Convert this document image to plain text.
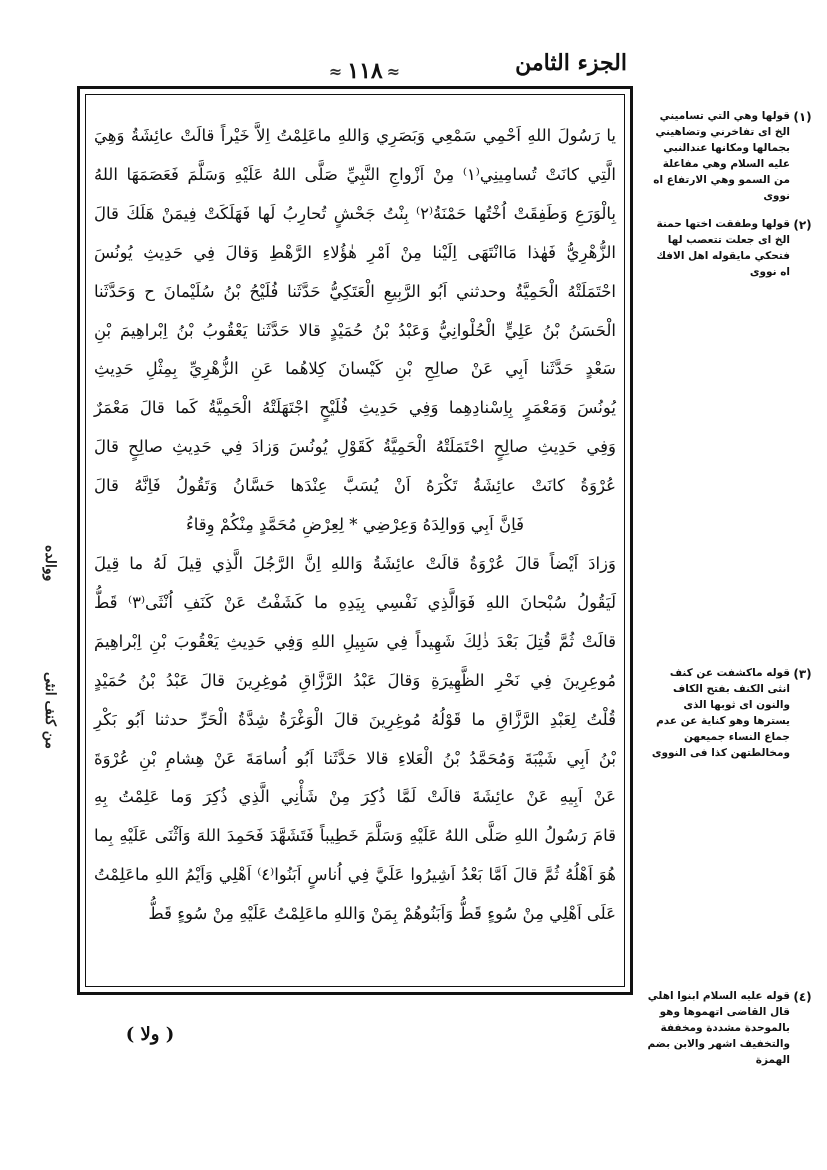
الجزء الثامن
≈ ١١٨ ≈

يا رَسُولَ اللهِ اَحْمِي سَمْعِي وَبَصَرِي وَاللهِ ماعَلِمْتُ اِلاَّ خَيْراً قالَتْ عائِشَةُ وَهِيَ

الَّتِي كانَتْ تُسامِينِي⁽١⁾ مِنْ اَزْواجِ النَّبِيِّ صَلَّى اللهُ عَلَيْهِ وَسَلَّمَ فَعَصَمَهَا اللهُ

بِالْوَرَعِ وَطَفِقَتْ اُخْتُها حَمْنَةُ⁽٢⁾ بِنْتُ جَحْشٍ تُحارِبُ لَها فَهَلَكَتْ فِيمَنْ هَلَكَ قالَ

الزُّهْرِيُّ فَهٰذا مَاانْتَهَى اِلَيْنا مِنْ اَمْرِ هٰؤُلاءِ الرَّهْطِ وَقالَ فِي حَدِيثِ يُونُسَ

احْتَمَلَتْهُ الْحَمِيَّةُ وحدثني اَبُو الرَّبِيعِ الْعَتَكِيُّ حَدَّثَنا فُلَيْحُ بْنُ سُلَيْمانَ ح وَحَدَّثَنا

الْحَسَنُ بْنُ عَلِيٍّ الْحُلْوانِيُّ وَعَبْدُ بْنُ حُمَيْدٍ قالا حَدَّثَنا يَعْقُوبُ بْنُ اِبْراهِيمَ بْنِ

سَعْدٍ حَدَّثَنا اَبِي عَنْ صالِحِ بْنِ كَيْسانَ كِلاهُما عَنِ الزُّهْرِيِّ بِمِثْلِ حَدِيثِ

يُونُسَ وَمَعْمَرٍ بِاِسْنادِهِما وَفِي حَدِيثِ فُلَيْحٍ اجْتَهَلَتْهُ الْحَمِيَّةُ كَما قالَ مَعْمَرٌ

وَفِي حَدِيثِ صالِحٍ احْتَمَلَتْهُ الْحَمِيَّةُ كَقَوْلِ يُونُسَ وَزادَ فِي حَدِيثِ صالِحٍ قالَ

عُرْوَةُ كانَتْ عائِشَةُ تَكْرَهُ اَنْ يُسَبَّ عِنْدَها حَسَّانُ وَتَقُولُ فَاِنَّهُ قالَ

فَاِنَّ اَبِي وَوالِدَهُ وَعِرْضِي * لِعِرْضِ مُحَمَّدٍ مِنْكُمْ وِقاءُ

وَزادَ اَيْضاً قالَ عُرْوَةُ قالَتْ عائِشَةُ وَاللهِ اِنَّ الرَّجُلَ الَّذِي قِيلَ لَهُ ما قِيلَ

لَيَقُولُ سُبْحانَ اللهِ فَوَالَّذِي نَفْسِي بِيَدِهِ ما كَشَفْتُ عَنْ كَنَفِ اُنْثَى⁽٣⁾ قَطُّ

قالَتْ ثُمَّ قُتِلَ بَعْدَ ذٰلِكَ شَهِيداً فِي سَبِيلِ اللهِ وَفِي حَدِيثِ يَعْقُوبَ بْنِ اِبْراهِيمَ

مُوعِرِينَ فِي نَحْرِ الظَّهِيرَةِ وَقالَ عَبْدُ الرَّزَّاقِ مُوغِرِينَ قالَ عَبْدُ بْنُ حُمَيْدٍ

قُلْتُ لِعَبْدِ الرَّزَّاقِ ما قَوْلُهُ مُوغِرِينَ قالَ الْوَغْرَةُ شِدَّةُ الْحَرِّ حدثنا اَبُو بَكْرِ

بْنُ اَبِي شَيْبَةَ وَمُحَمَّدُ بْنُ الْعَلاءِ قالا حَدَّثَنا اَبُو اُسامَةَ عَنْ هِشامِ بْنِ عُرْوَةَ

عَنْ اَبِيهِ عَنْ عائِشَةَ قالَتْ لَمَّا ذُكِرَ مِنْ شَأْنِي الَّذِي ذُكِرَ وَما عَلِمْتُ بِهِ

قامَ رَسُولُ اللهِ صَلَّى اللهُ عَلَيْهِ وَسَلَّمَ خَطِيباً فَتَشَهَّدَ فَحَمِدَ اللهَ وَاَثْنَى عَلَيْهِ بِما

هُوَ اَهْلُهُ ثُمَّ قالَ اَمَّا بَعْدُ اَشِيرُوا عَلَيَّ فِي اُناسٍ اَبَنُوا⁽٤⁾ اَهْلِي وَاَيْمُ اللهِ ماعَلِمْتُ

عَلَى اَهْلِي مِنْ سُوءٍ قَطُّ وَاَبَنُوهُمْ بِمَنْ وَاللهِ ماعَلِمْتُ عَلَيْهِ مِنْ سُوءٍ قَطُّ

(١)
قولها وهي التي تساميني الخ اى تفاخرني وتضاهيني بجمالها ومكانها عندالنبي عليه السلام وهي مفاعلة من السمو وهي الارتفاع اه نووى
(٢)
قولها وطفقت اختها حمنة الخ اى جعلت تتعصب لها فتحكي مايقوله اهل الافك اه نووى
(٣)
قوله ماكشفت عن كنف انثى الكنف بفتح الكاف والنون اى ثوبها الذى يسترها وهو كناية عن عدم جماع النساء جميعهن ومخالطتهن كذا فى النووى
(٤)
قوله عليه السلام ابنوا اهلي قال القاضى اتهموها وهو بالموحدة مشددة ومخففة والتخفيف اشهر والابن بضم الهمزة
ووالده
من كنف انثى
( ولا )
